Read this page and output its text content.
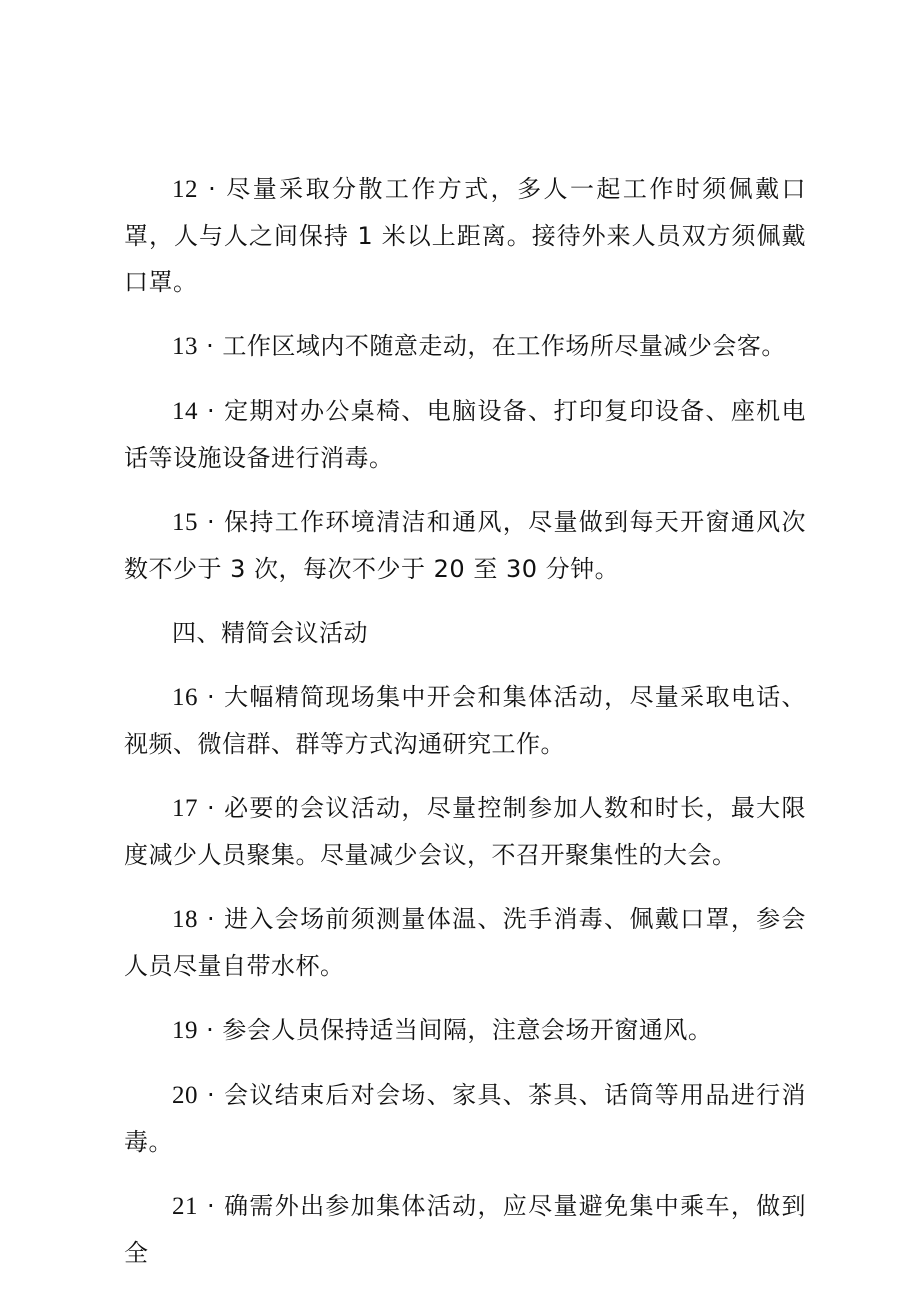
12 · 尽量采取分散工作方式，多人一起工作时须佩戴口罩，人与人之间保持 1 米以上距离。接待外来人员双方须佩戴口罩。

13 · 工作区域内不随意走动，在工作场所尽量减少会客。

14 · 定期对办公桌椅、电脑设备、打印复印设备、座机电话等设施设备进行消毒。

15 · 保持工作环境清洁和通风，尽量做到每天开窗通风次数不少于 3 次，每次不少于 20 至 30 分钟。

四、精简会议活动

16 · 大幅精简现场集中开会和集体活动，尽量采取电话、视频、微信群、群等方式沟通研究工作。

17 · 必要的会议活动，尽量控制参加人数和时长，最大限度减少人员聚集。尽量减少会议，不召开聚集性的大会。

18 · 进入会场前须测量体温、洗手消毒、佩戴口罩，参会人员尽量自带水杯。

19 · 参会人员保持适当间隔，注意会场开窗通风。

20 · 会议结束后对会场、家具、茶具、话筒等用品进行消毒。

21 · 确需外出参加集体活动，应尽量避免集中乘车，做到全
